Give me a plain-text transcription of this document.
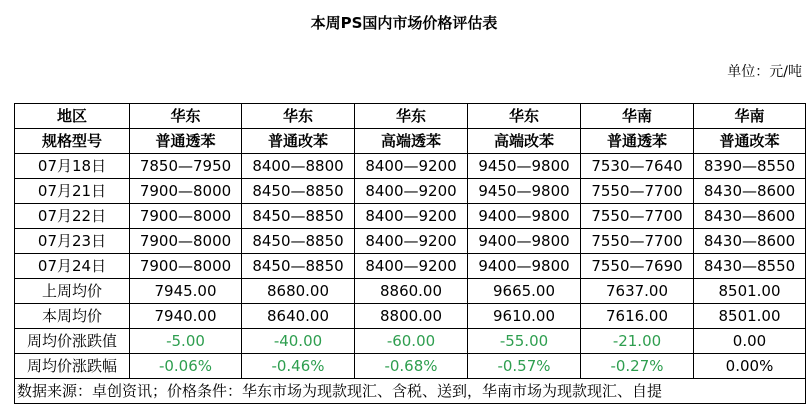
本周PS国内市场价格评估表
单位：元/吨
地区	华东	华东	华东	华东	华南	华南
规格型号	普通透苯	普通改苯	高端透苯	高端改苯	普通透苯	普通改苯
07月18日	7850—7950	8400—8800	8400—9200	9450—9800	7530—7640	8390—8550
07月21日	7900—8000	8450—8850	8400—9200	9450—9800	7550—7700	8430—8600
07月22日	7900—8000	8450—8850	8400—9200	9400—9800	7550—7700	8430—8600
07月23日	7900—8000	8450—8850	8400—9200	9400—9800	7550—7700	8430—8600
07月24日	7900—8000	8450—8850	8400—9200	9400—9800	7550—7690	8430—8550
上周均价	7945.00	8680.00	8860.00	9665.00	7637.00	8501.00
本周均价	7940.00	8640.00	8800.00	9610.00	7616.00	8501.00
周均价涨跌值	-5.00	-40.00	-60.00	-55.00	-21.00	0.00
周均价涨跌幅	-0.06%	-0.46%	-0.68%	-0.57%	-0.27%	0.00%
数据来源：卓创资讯；价格条件：华东市场为现款现汇、含税、送到，华南市场为现款现汇、自提						
